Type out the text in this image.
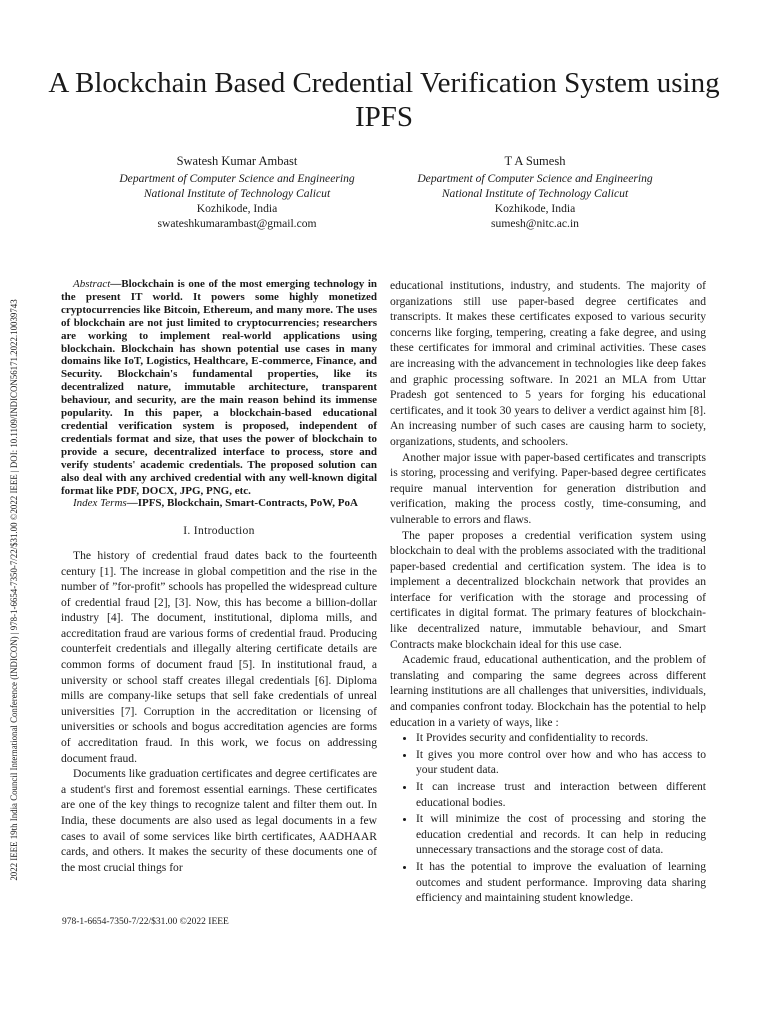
A Blockchain Based Credential Verification System using IPFS
Swatesh Kumar Ambast
Department of Computer Science and Engineering
National Institute of Technology Calicut
Kozhikode, India
swateshkumarambast@gmail.com
T A Sumesh
Department of Computer Science and Engineering
National Institute of Technology Calicut
Kozhikode, India
sumesh@nitc.ac.in
2022 IEEE 19th India Council International Conference (INDICON) | 978-1-6654-7350-7/22/$31.00 ©2022 IEEE | DOI: 10.1109/INDICON56171.2022.10039743

Abstract—Blockchain is one of the most emerging technology in the present IT world. It powers some highly monetized cryptocurrencies like Bitcoin, Ethereum, and many more. The uses of blockchain are not just limited to cryptocurrencies; researchers are working to implement real-world applications using blockchain. Blockchain has shown potential use cases in many domains like IoT, Logistics, Healthcare, E-commerce, Finance, and Security. Blockchain's fundamental properties, like its decentralized nature, immutable architecture, transparent behaviour, and security, are the main reason behind its immense popularity. In this paper, a blockchain-based educational credential verification system is proposed, independent of credentials format and size, that uses the power of blockchain to provide a secure, decentralized interface to process, store and verify students' academic credentials. The proposed solution can also deal with any archived credential with any well-known digital format like PDF, DOCX, JPG, PNG, etc.

Index Terms—IPFS, Blockchain, Smart-Contracts, PoW, PoA

I. Introduction

The history of credential fraud dates back to the fourteenth century [1]. The increase in global competition and the rise in the number of ”for-profit” schools has propelled the widespread culture of credential fraud [2], [3]. Now, this has become a billion-dollar industry [4]. The document, institutional, diploma mills, and accreditation fraud are various forms of credential fraud. Producing counterfeit credentials and illegally altering certificate details are common forms of document fraud [5]. In institutional fraud, a university or school staff creates illegal credentials [6]. Diploma mills are company-like setups that sell fake credentials of unreal universities [7]. Corruption in the accreditation or licensing of universities or schools and bogus accreditation agencies are forms of accreditation fraud. In this work, we focus on addressing document fraud.

Documents like graduation certificates and degree certificates are a student's first and foremost essential earnings. These certificates are one of the key things to recognize talent and filter them out. In India, these documents are also used as legal documents in a few cases to avail of some services like birth certificates, AADHAAR cards, and others. It makes the security of these documents one of the most crucial things for

educational institutions, industry, and students. The majority of organizations still use paper-based degree certificates and transcripts. It makes these certificates exposed to various security concerns like forging, tempering, creating a fake degree, and using these certificates for immoral and criminal activities. These cases are increasing with the advancement in technologies like deep fakes and graphic processing software. In 2021 an MLA from Uttar Pradesh got sentenced to 5 years for forging his educational certificates, and it took 30 years to deliver a verdict against him [8]. An increasing number of such cases are causing harm to society, organizations, students, and schoolers.

Another major issue with paper-based certificates and transcripts is storing, processing and verifying. Paper-based degree certificates require manual intervention for generation distribution and verification, making the process costly, time-consuming, and vulnerable to errors and flaws.

The paper proposes a credential verification system using blockchain to deal with the problems associated with the traditional paper-based credential and certification system. The idea is to implement a decentralized blockchain network that provides an interface for verification with the storage and processing of certificates in digital format. The primary features of blockchain-like decentralized nature, immutable behaviour, and Smart Contracts make blockchain ideal for this use case.

Academic fraud, educational authentication, and the problem of translating and comparing the same degrees across different learning institutions are all challenges that universities, individuals, and companies confront today. Blockchain has the potential to help education in a variety of ways, like :

• It Provides security and confidentiality to records.
• It gives you more control over how and who has access to your student data.
• It can increase trust and interaction between different educational bodies.
• It will minimize the cost of processing and storing the education credential and records. It can help in reducing unnecessary transactions and the storage cost of data.
• It has the potential to improve the evaluation of learning outcomes and student performance. Improving data sharing efficiency and maintaining student knowledge.
978-1-6654-7350-7/22/$31.00 ©2022 IEEE
